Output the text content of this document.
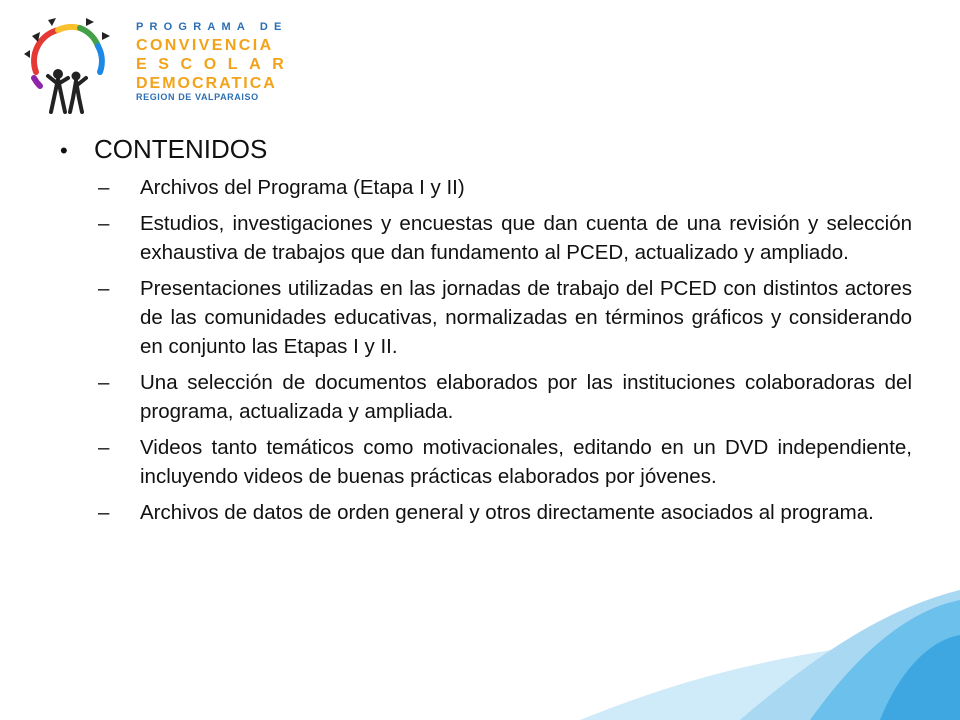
PROGRAMA DE
CONVIVENCIA
ESCOLAR
DEMOCRATICA
REGION DE VALPARAISO
•	CONTENIDOS
– Archivos del Programa (Etapa I y II)
– Estudios, investigaciones y encuestas que dan cuenta de una revisión y selección exhaustiva de trabajos que dan fundamento al PCED, actualizado y ampliado.
– Presentaciones utilizadas en las jornadas de trabajo del PCED con distintos actores de las comunidades educativas, normalizadas en términos gráficos y considerando en conjunto las Etapas I y II.
– Una selección de documentos elaborados por las instituciones colaboradoras del programa, actualizada y ampliada.
– Videos tanto temáticos como motivacionales, editando en un DVD independiente, incluyendo videos de buenas prácticas elaborados por jóvenes.
– Archivos de datos de orden general y otros directamente asociados al programa.
